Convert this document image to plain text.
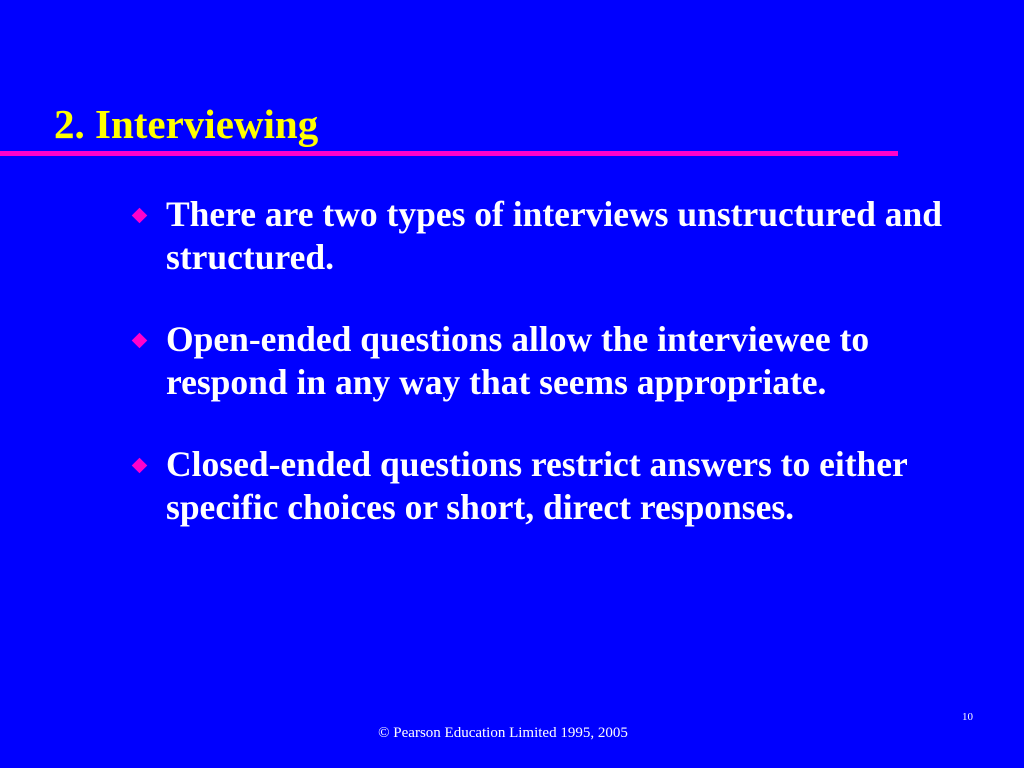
2. Interviewing
There are two types of interviews unstructured and structured.
Open-ended questions allow the interviewee to respond in any way that seems appropriate.
Closed-ended questions restrict answers to either specific choices or short, direct responses.
10
© Pearson Education Limited 1995, 2005
